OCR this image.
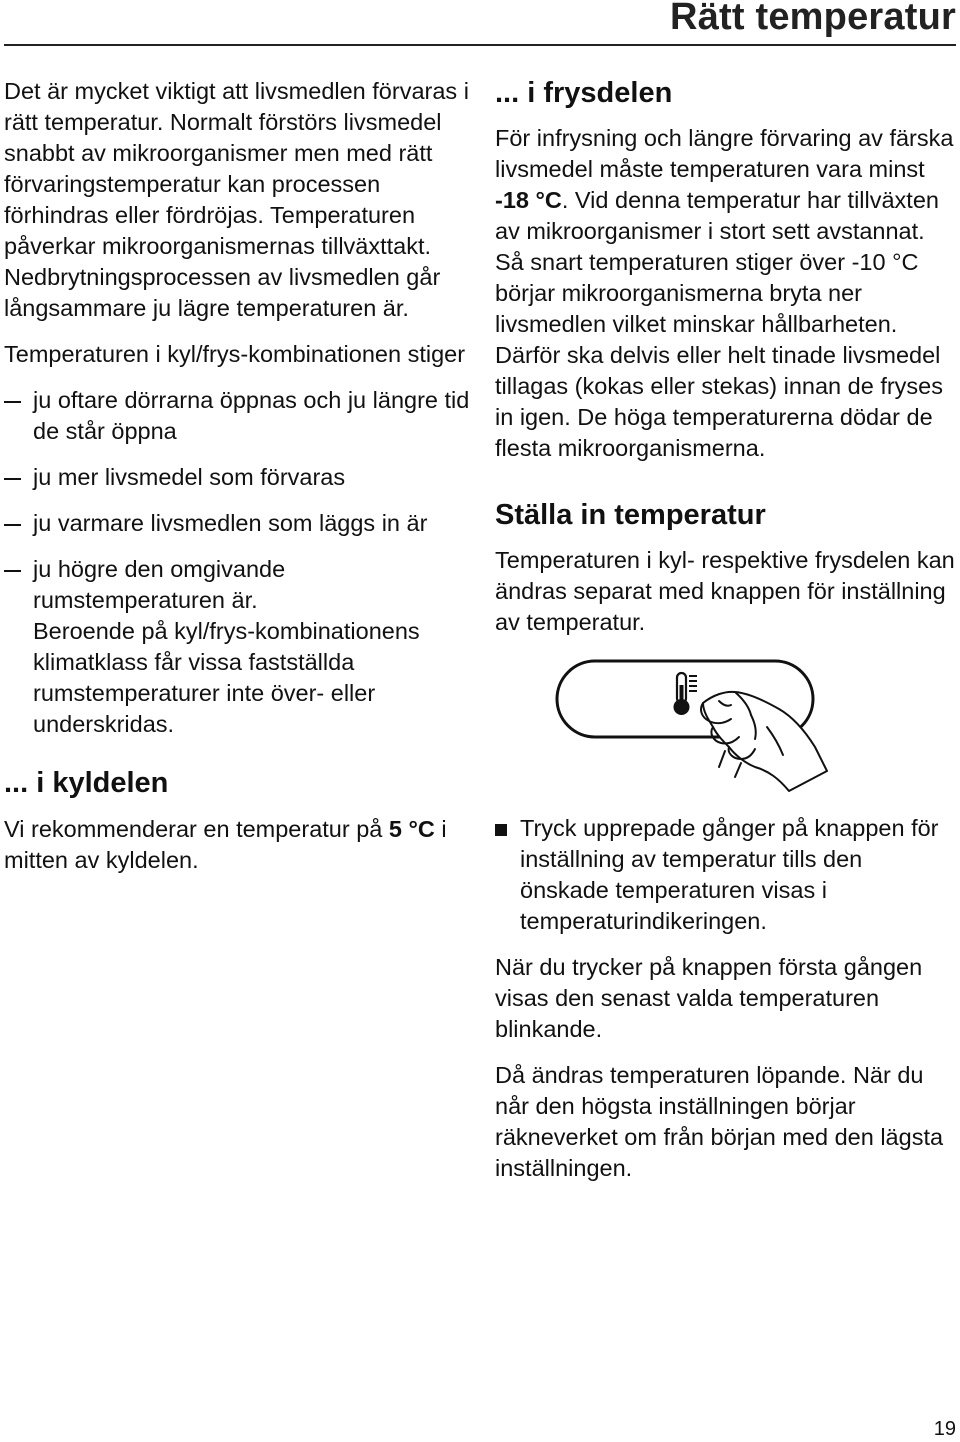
Rätt temperatur

Det är mycket viktigt att livsmedlen förvaras i rätt temperatur. Normalt förstörs livsmedel snabbt av mikroorganismer men med rätt förvaringstemperatur kan processen förhindras eller fördröjas. Temperaturen påverkar mikroorganismernas tillväxttakt. Nedbrytningsprocessen av livsmedlen går långsammare ju lägre temperaturen är.

Temperaturen i kyl/frys-kombinationen stiger

ju oftare dörrarna öppnas och ju längre tid de står öppna
ju mer livsmedel som förvaras
ju varmare livsmedlen som läggs in är
ju högre den omgivande rumstemperaturen är.

Beroende på kyl/frys-kombinationens klimatklass får vissa fastställda rumstemperaturer inte över- eller underskridas.

... i kyldelen

Vi rekommenderar en temperatur på 5 °C i mitten av kyldelen.

... i frysdelen

För infrysning och längre förvaring av färska livsmedel måste temperaturen vara minst -18 °C. Vid denna temperatur har tillväxten av mikroorganismer i stort sett avstannat. Så snart temperaturen stiger över -10 °C börjar mikroorganismerna bryta ner livsmedlen vilket minskar hållbarheten. Därför ska delvis eller helt tinade livsmedel tillagas (kokas eller stekas) innan de fryses in igen. De höga temperaturerna dödar de flesta mikroorganismerna.

Ställa in temperatur

Temperaturen i kyl- respektive frysdelen kan ändras separat med knappen för inställning av temperatur.

Tryck upprepade gånger på knappen för inställning av temperatur tills den önskade temperaturen visas i temperaturindikeringen.

När du trycker på knappen första gången visas den senast valda temperaturen blinkande.

Då ändras temperaturen löpande. När du når den högsta inställningen börjar räkneverket om från början med den lägsta inställningen.

19
